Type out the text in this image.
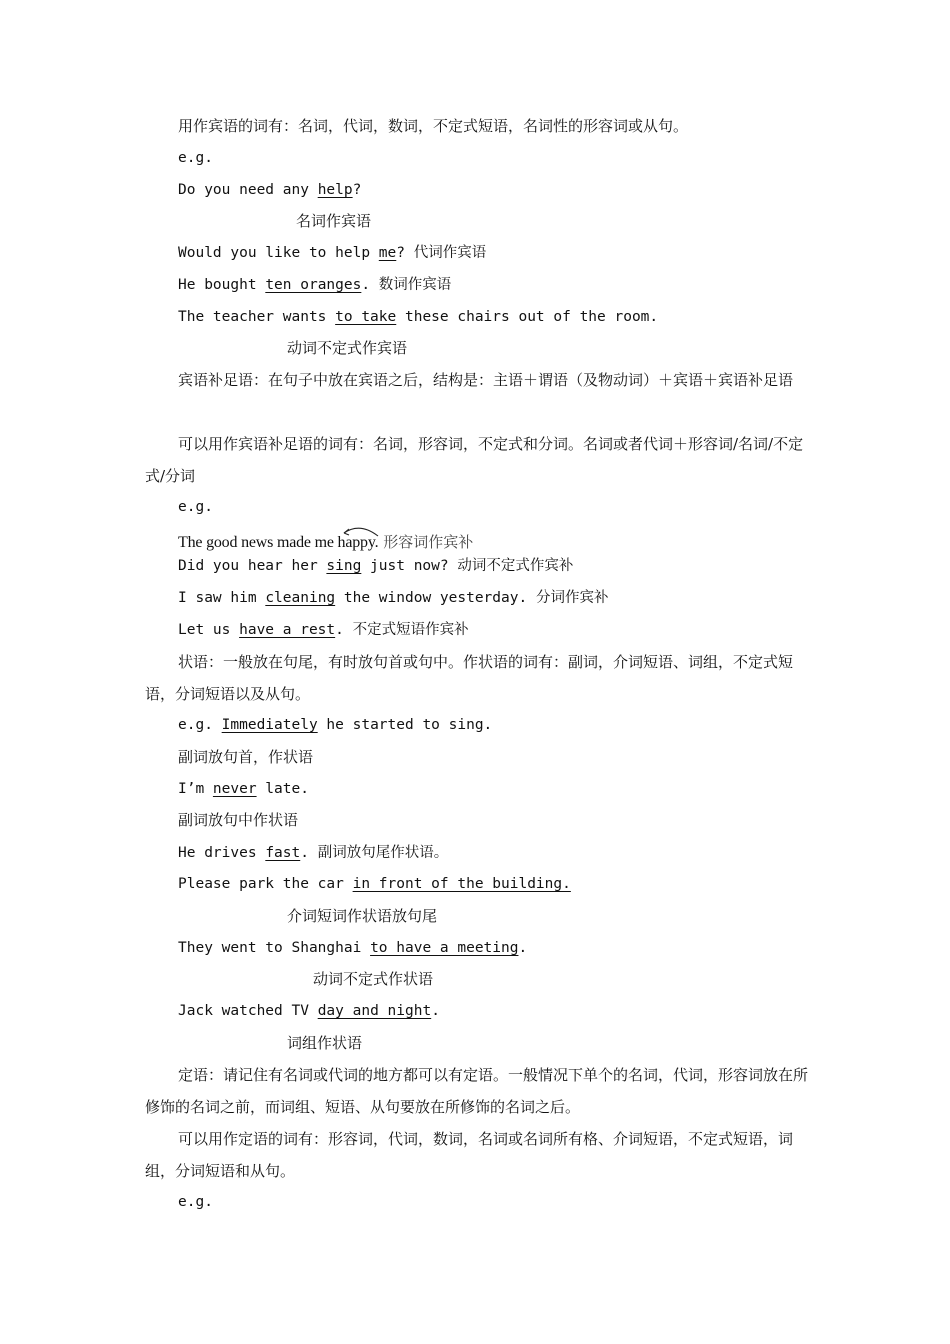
用作宾语的词有：名词，代词，数词，不定式短语，名词性的形容词或从句。
e.g.
Do you need any help?
名词作宾语
Would you like to help me? 代词作宾语
He bought ten oranges. 数词作宾语
The teacher wants to take these chairs out of the room.
动词不定式作宾语
宾语补足语：在句子中放在宾语之后，结构是：主语＋谓语（及物动词）＋宾语＋宾语补足语
可以用作宾语补足语的词有：名词，形容词，不定式和分词。名词或者代词＋形容词/名词/不定式/分词
e.g.
The good news made me happy. 形容词作宾补
Did you hear her sing just now? 动词不定式作宾补
I saw him cleaning the window yesterday. 分词作宾补
Let us have a rest. 不定式短语作宾补
状语：一般放在句尾，有时放句首或句中。作状语的词有：副词，介词短语、词组，不定式短语，分词短语以及从句。
e.g. Immediately he started to sing.
副词放句首，作状语
I’m never late.
副词放句中作状语
He drives fast. 副词放句尾作状语。
Please park the car in front of the building.
介词短词作状语放句尾
They went to Shanghai to have a meeting.
动词不定式作状语
Jack watched TV day and night.
词组作状语
定语：请记住有名词或代词的地方都可以有定语。一般情况下单个的名词，代词，形容词放在所修饰的名词之前，而词组、短语、从句要放在所修饰的名词之后。
可以用作定语的词有：形容词，代词，数词，名词或名词所有格、介词短语，不定式短语，词组，分词短语和从句。
e.g.
